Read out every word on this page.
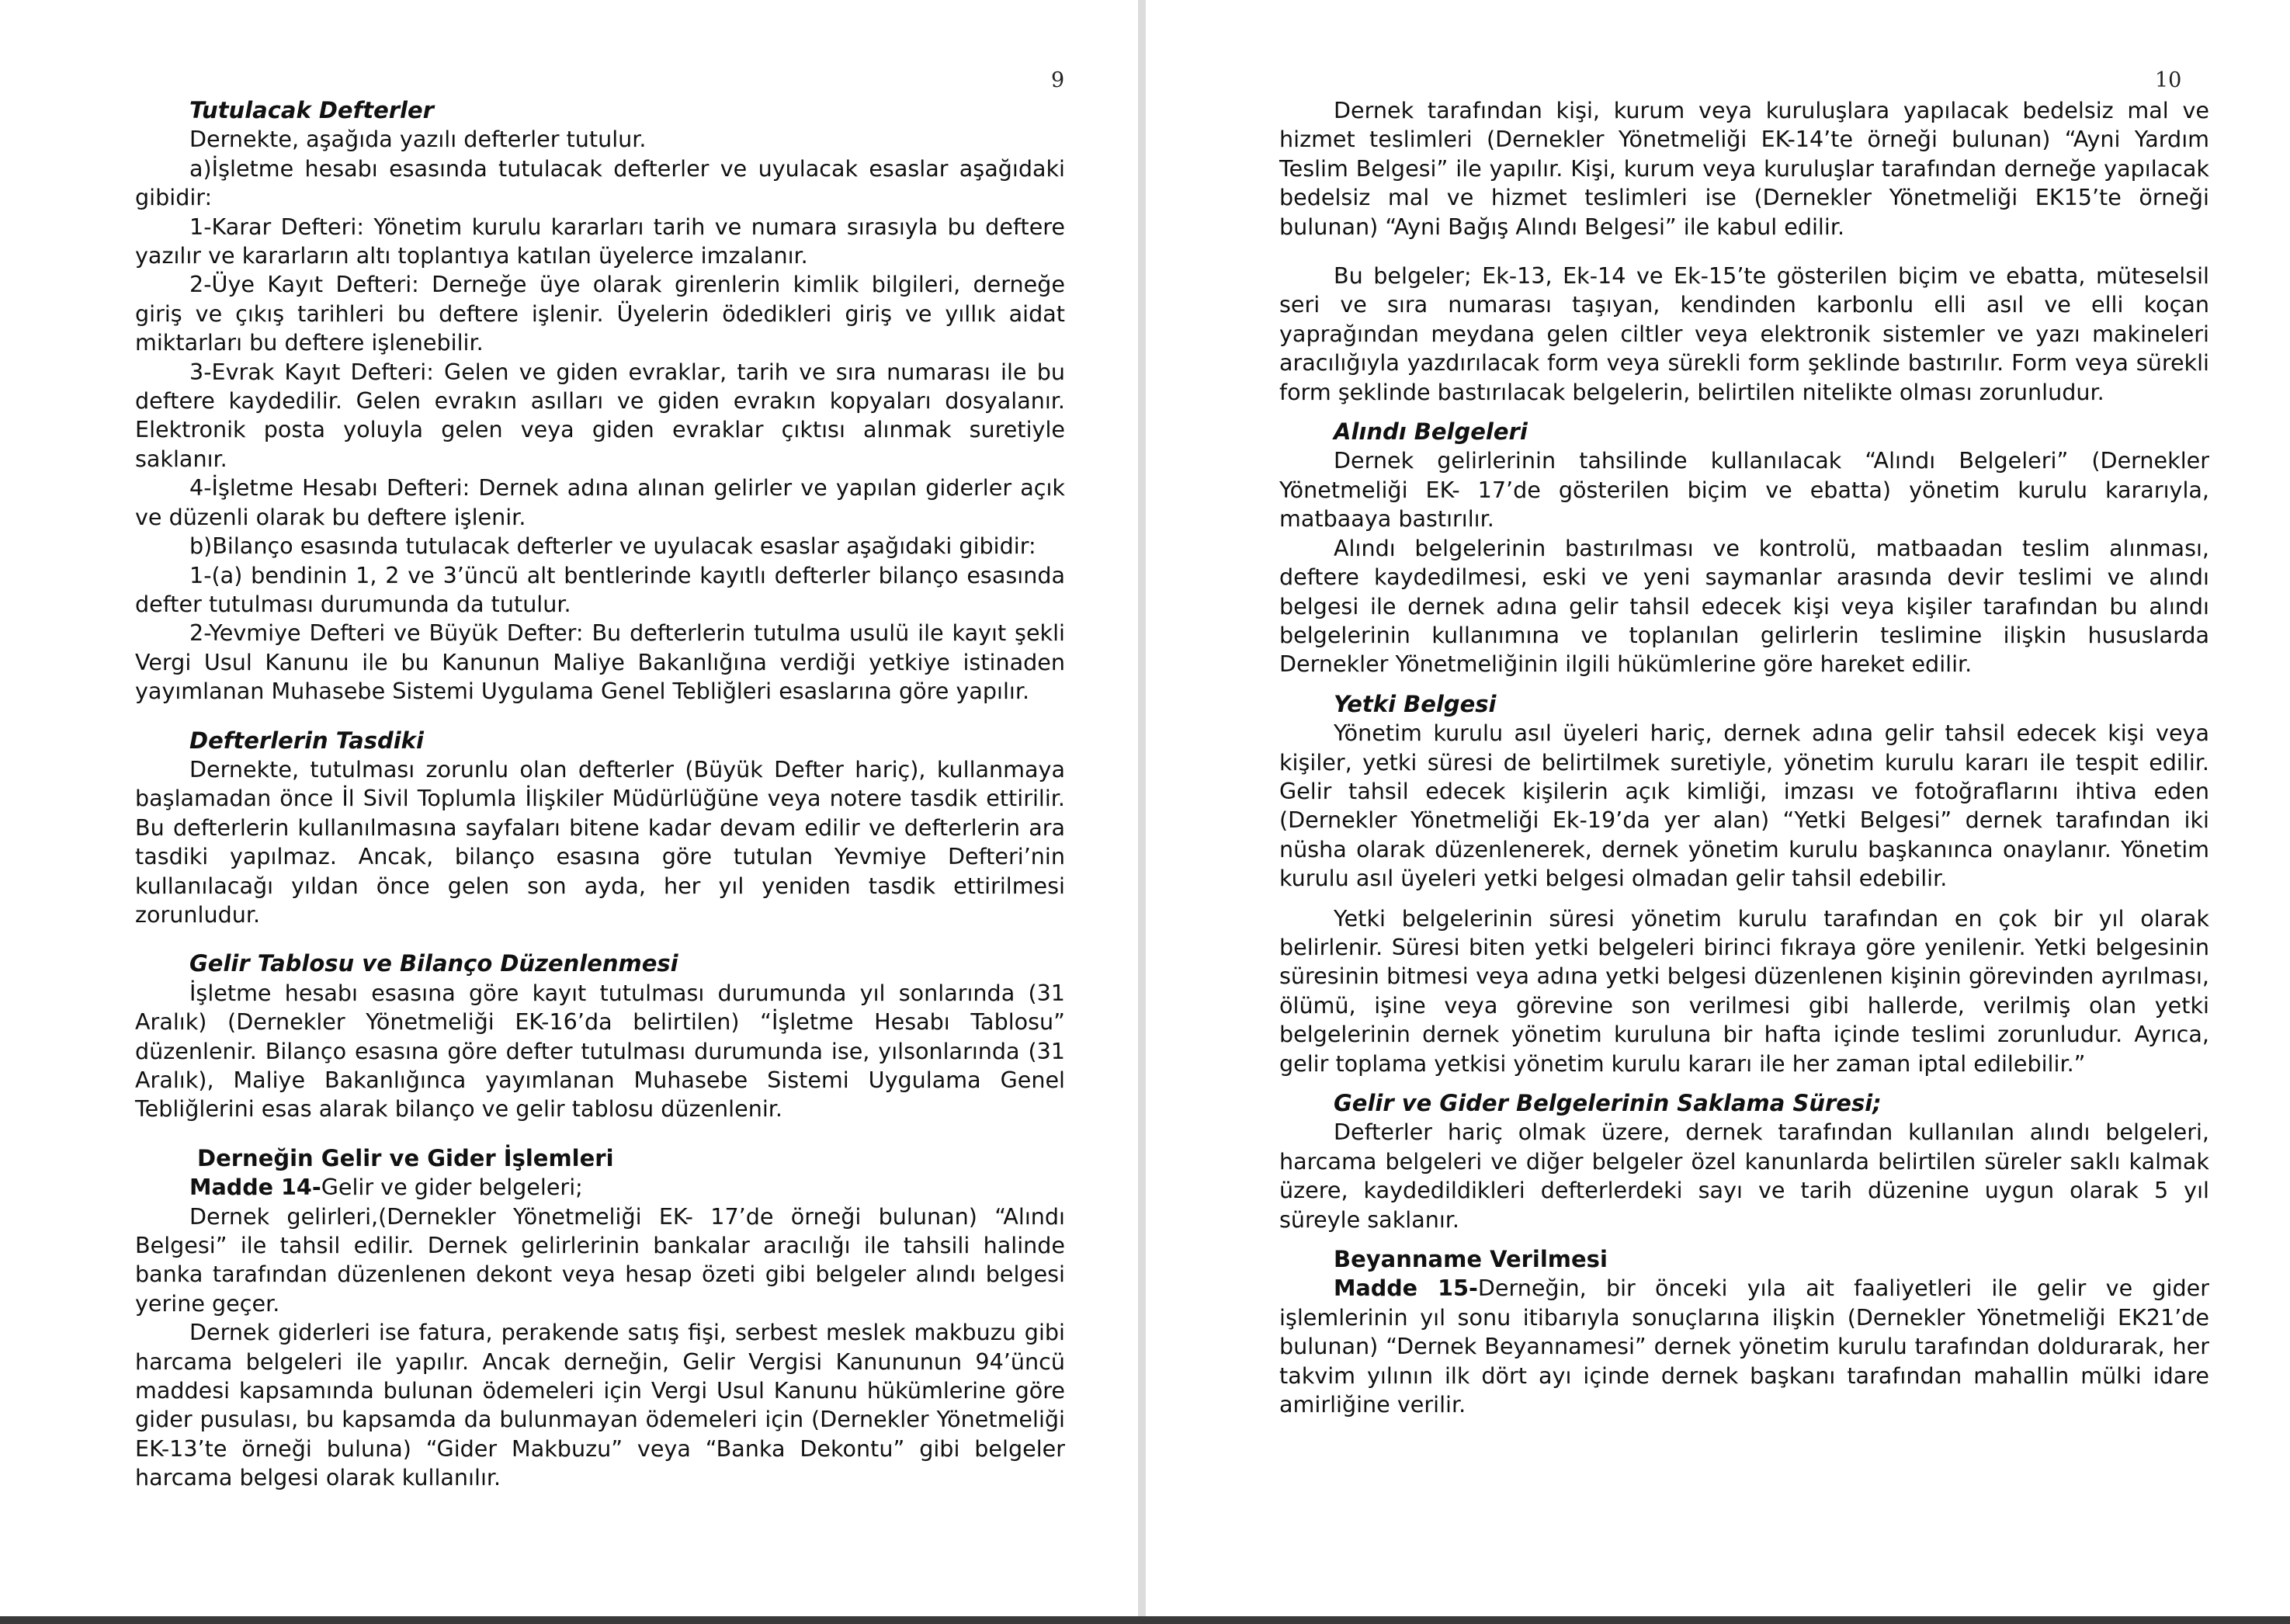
9
Tutulacak Defterler

Dernekte, aşağıda yazılı defterler tutulur.

a)İşletme hesabı esasında tutulacak defterler ve uyulacak esaslar aşağıdaki gibidir:

1-Karar Defteri: Yönetim kurulu kararları tarih ve numara sırasıyla bu deftere yazılır ve kararların altı toplantıya katılan üyelerce imzalanır.

2-Üye Kayıt Defteri: Derneğe üye olarak girenlerin kimlik bilgileri, derneğe giriş ve çıkış tarihleri bu deftere işlenir. Üyelerin ödedikleri giriş ve yıllık aidat miktarları bu deftere işlenebilir.

3-Evrak Kayıt Defteri: Gelen ve giden evraklar, tarih ve sıra numarası ile bu deftere kaydedilir. Gelen evrakın asılları ve giden evrakın kopyaları dosyalanır. Elektronik posta yoluyla gelen veya giden evraklar çıktısı alınmak suretiyle saklanır.

4-İşletme Hesabı Defteri: Dernek adına alınan gelirler ve yapılan giderler açık ve düzenli olarak bu deftere işlenir.

b)Bilanço esasında tutulacak defterler ve uyulacak esaslar aşağıdaki gibidir:

1-(a) bendinin 1, 2 ve 3’üncü alt bentlerinde kayıtlı defterler bilanço esasında defter tutulması durumunda da tutulur.

2-Yevmiye Defteri ve Büyük Defter: Bu defterlerin tutulma usulü ile kayıt şekli Vergi Usul Kanunu ile bu Kanunun Maliye Bakanlığına verdiği yetkiye istinaden yayımlanan Muhasebe Sistemi Uygulama Genel Tebliğleri esaslarına göre yapılır.

Defterlerin Tasdiki

Dernekte, tutulması zorunlu olan defterler (Büyük Defter hariç), kullanmaya başlamadan önce İl Sivil Toplumla İlişkiler Müdürlüğüne veya notere tasdik ettirilir. Bu defterlerin kullanılmasına sayfaları bitene kadar devam edilir ve defterlerin ara tasdiki yapılmaz. Ancak, bilanço esasına göre tutulan Yevmiye Defteri’nin kullanılacağı yıldan önce gelen son ayda, her yıl yeniden tasdik ettirilmesi zorunludur.

Gelir Tablosu ve Bilanço Düzenlenmesi

İşletme hesabı esasına göre kayıt tutulması durumunda yıl sonlarında (31 Aralık) (Dernekler Yönetmeliği EK-16’da belirtilen) “İşletme Hesabı Tablosu” düzenlenir. Bilanço esasına göre defter tutulması durumunda ise, yılsonlarında (31 Aralık), Maliye Bakanlığınca yayımlanan Muhasebe Sistemi Uygulama Genel Tebliğlerini esas alarak bilanço ve gelir tablosu düzenlenir.

Derneğin Gelir ve Gider İşlemleri

Madde 14-Gelir ve gider belgeleri;

Dernek gelirleri,(Dernekler Yönetmeliği EK- 17’de örneği bulunan) “Alındı Belgesi” ile tahsil edilir. Dernek gelirlerinin bankalar aracılığı ile tahsili halinde banka tarafından düzenlenen dekont veya hesap özeti gibi belgeler alındı belgesi yerine geçer.

Dernek giderleri ise fatura, perakende satış fişi, serbest meslek makbuzu gibi harcama belgeleri ile yapılır. Ancak derneğin, Gelir Vergisi Kanununun 94’üncü maddesi kapsamında bulunan ödemeleri için Vergi Usul Kanunu hükümlerine göre gider pusulası, bu kapsamda da bulunmayan ödemeleri için (Dernekler Yönetmeliği EK-13’te örneği buluna) “Gider Makbuzu” veya “Banka Dekontu” gibi belgeler harcama belgesi olarak kullanılır.

10

Dernek tarafından kişi, kurum veya kuruluşlara yapılacak bedelsiz mal ve hizmet teslimleri (Dernekler Yönetmeliği EK-14’te örneği bulunan) “Ayni Yardım Teslim Belgesi” ile yapılır. Kişi, kurum veya kuruluşlar tarafından derneğe yapılacak bedelsiz mal ve hizmet teslimleri ise (Dernekler Yönetmeliği EK15’te örneği bulunan) “Ayni Bağış Alındı Belgesi” ile kabul edilir.

Bu belgeler; Ek-13, Ek-14 ve Ek-15’te gösterilen biçim ve ebatta, müteselsil seri ve sıra numarası taşıyan, kendinden karbonlu elli asıl ve elli koçan yaprağından meydana gelen ciltler veya elektronik sistemler ve yazı makineleri aracılığıyla yazdırılacak form veya sürekli form şeklinde bastırılır. Form veya sürekli form şeklinde bastırılacak belgelerin, belirtilen nitelikte olması zorunludur.

Alındı Belgeleri

Dernek gelirlerinin tahsilinde kullanılacak “Alındı Belgeleri” (Dernekler Yönetmeliği EK- 17’de gösterilen biçim ve ebatta) yönetim kurulu kararıyla, matbaaya bastırılır.

Alındı belgelerinin bastırılması ve kontrolü, matbaadan teslim alınması, deftere kaydedilmesi, eski ve yeni saymanlar arasında devir teslimi ve alındı belgesi ile dernek adına gelir tahsil edecek kişi veya kişiler tarafından bu alındı belgelerinin kullanımına ve toplanılan gelirlerin teslimine ilişkin hususlarda Dernekler Yönetmeliğinin ilgili hükümlerine göre hareket edilir.

Yetki Belgesi

Yönetim kurulu asıl üyeleri hariç, dernek adına gelir tahsil edecek kişi veya kişiler, yetki süresi de belirtilmek suretiyle, yönetim kurulu kararı ile tespit edilir. Gelir tahsil edecek kişilerin açık kimliği, imzası ve fotoğraflarını ihtiva eden (Dernekler Yönetmeliği Ek-19’da yer alan) “Yetki Belgesi” dernek tarafından iki nüsha olarak düzenlenerek, dernek yönetim kurulu başkanınca onaylanır. Yönetim kurulu asıl üyeleri yetki belgesi olmadan gelir tahsil edebilir.

Yetki belgelerinin süresi yönetim kurulu tarafından en çok bir yıl olarak belirlenir. Süresi biten yetki belgeleri birinci fıkraya göre yenilenir. Yetki belgesinin süresinin bitmesi veya adına yetki belgesi düzenlenen kişinin görevinden ayrılması, ölümü, işine veya görevine son verilmesi gibi hallerde, verilmiş olan yetki belgelerinin dernek yönetim kuruluna bir hafta içinde teslimi zorunludur. Ayrıca, gelir toplama yetkisi yönetim kurulu kararı ile her zaman iptal edilebilir.”

Gelir ve Gider Belgelerinin Saklama Süresi;

Defterler hariç olmak üzere, dernek tarafından kullanılan alındı belgeleri, harcama belgeleri ve diğer belgeler özel kanunlarda belirtilen süreler saklı kalmak üzere, kaydedildikleri defterlerdeki sayı ve tarih düzenine uygun olarak 5 yıl süreyle saklanır.

Beyanname Verilmesi

Madde 15-Derneğin, bir önceki yıla ait faaliyetleri ile gelir ve gider işlemlerinin yıl sonu itibarıyla sonuçlarına ilişkin (Dernekler Yönetmeliği EK21’de bulunan) “Dernek Beyannamesi” dernek yönetim kurulu tarafından doldurarak, her takvim yılının ilk dört ayı içinde dernek başkanı tarafından mahallin mülki idare amirliğine verilir.
